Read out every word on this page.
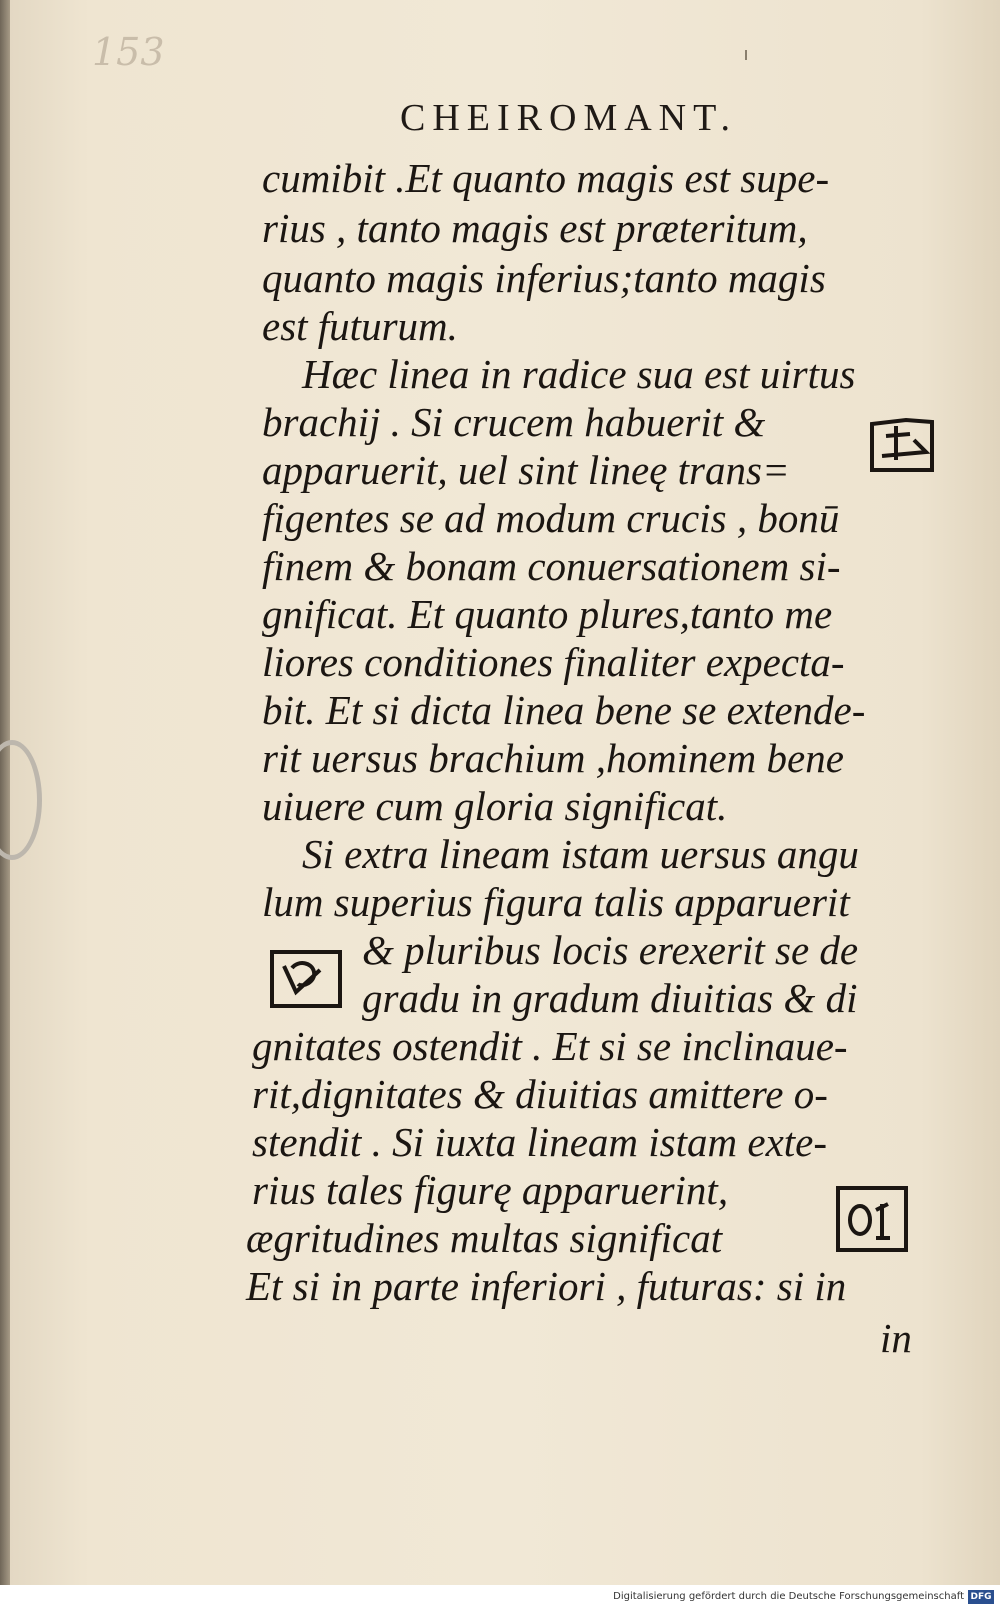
153
CHEIROMANT.

cumibit .Et quanto magis est supe-

rius , tanto magis est præteritum,

quanto magis inferius;tanto magis

est futurum.

Hæc linea in radice sua est uirtus

brachij . Si crucem habuerit &

apparuerit, uel sint lineę trans=

figentes se ad modum crucis , bonū

finem & bonam conuersationem si-

gnificat. Et quanto plures,tanto me

liores conditiones finaliter expecta-

bit. Et si dicta linea bene se extende-

rit uersus brachium ,hominem bene

uiuere cum gloria significat.

Si extra lineam istam uersus angu

lum superius figura talis apparuerit

& pluribus locis erexerit se de

gradu in gradum diuitias & di

gnitates ostendit . Et si se inclinaue-

rit,dignitates & diuitias amittere o-

stendit . Si iuxta lineam istam exte-

rius tales figurę apparuerint,

ægritudines multas significat

Et si in parte inferiori , futuras: si in

in

Digitalisierung gefördert durch die Deutsche Forschungsgemeinschaft DFG
